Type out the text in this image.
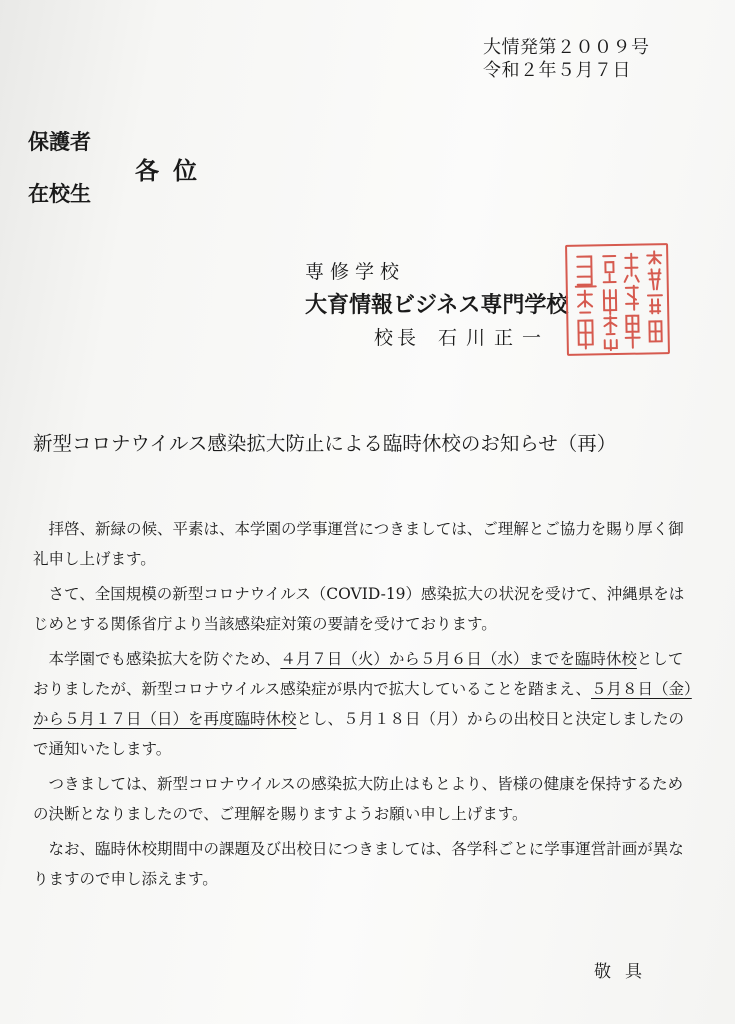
大情発第２００９号
令和２年５月７日
保護者
在校生
各位
専修学校
大育情報ビジネス専門学校
校長 石川正一
新型コロナウイルス感染拡大防止による臨時休校のお知らせ（再）

拝啓、新緑の候、平素は、本学園の学事運営につきましては、ご理解とご協力を賜り厚く御礼申し上げます。

さて、全国規模の新型コロナウイルス（COVID-19）感染拡大の状況を受けて、沖縄県をはじめとする関係省庁より当該感染症対策の要請を受けております。

本学園でも感染拡大を防ぐため、４月７日（火）から５月６日（水）までを臨時休校としておりましたが、新型コロナウイルス感染症が県内で拡大していることを踏まえ、５月８日（金）から５月１７日（日）を再度臨時休校とし、５月１８日（月）からの出校日と決定しましたので通知いたします。

つきましては、新型コロナウイルスの感染拡大防止はもとより、皆様の健康を保持するための決断となりましたので、ご理解を賜りますようお願い申し上げます。

なお、臨時休校期間中の課題及び出校日につきましては、各学科ごとに学事運営計画が異なりますので申し添えます。

敬具
